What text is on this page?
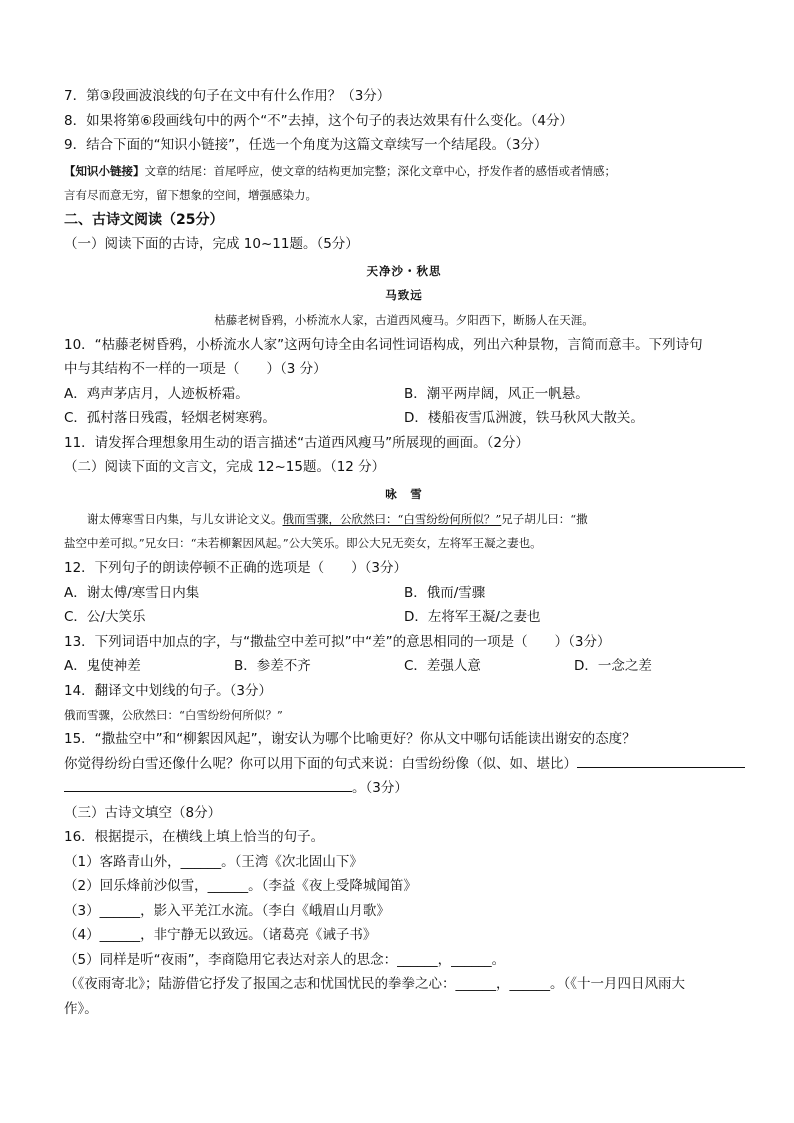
7．第③段画波浪线的句子在文中有什么作用？（3分）
8．如果将第⑥段画线句中的两个“不”去掉，这个句子的表达效果有什么变化。（4分）
9．结合下面的“知识小链接”，任选一个角度为这篇文章续写一个结尾段。（3分）
【知识小链接】文章的结尾：首尾呼应，使文章的结构更加完整；深化文章中心，抒发作者的感悟或者情感；
言有尽而意无穷，留下想象的空间，增强感染力。
二、古诗文阅读（25分）
（一）阅读下面的古诗，完成 10~11题。（5分）
天净沙・秋思
马致远
枯藤老树昏鸦，小桥流水人家，古道西风瘦马。夕阳西下，断肠人在天涯。
10．“枯藤老树昏鸦，小桥流水人家”这两句诗全由名词性词语构成，列出六种景物，言简而意丰。下列诗句
中与其结构不一样的一项是（　　）（3 分）
A．鸡声茅店月，人迹板桥霜。	B．潮平两岸阔，风正一帆悬。
C．孤村落日残霞，轻烟老树寒鸦。	D．楼船夜雪瓜洲渡，铁马秋风大散关。
11．请发挥合理想象用生动的语言描述“古道西风瘦马”所展现的画面。（2分）
（二）阅读下面的文言文，完成 12~15题。（12 分）
咏　雪
谢太傅寒雪日内集，与儿女讲论文义。俄而雪骤，公欣然曰：“白雪纷纷何所似？”兄子胡儿曰：“撒
盐空中差可拟。”兄女曰：“未若柳絮因风起。”公大笑乐。即公大兄无奕女，左将军王凝之妻也。
12．下列句子的朗读停顿不正确的选项是（　　）（3分）
A．谢太傅/寒雪日内集	B．俄而/雪骤
C．公/大笑乐	D．左将军王凝/之妻也
13．下列词语中加点的字，与“撒盐空中差可拟”中“差”的意思相同的一项是（　　）（3分）
A．鬼使神差	B．参差不齐	C．差强人意	D．一念之差
14．翻译文中划线的句子。（3分）
俄而雪骤，公欣然曰：“白雪纷纷何所似？”
15．“撒盐空中”和“柳絮因风起”，谢安认为哪个比喻更好？你从文中哪句话能读出谢安的态度？
你觉得纷纷白雪还像什么呢？你可以用下面的句式来说：白雪纷纷像（似、如、堪比）
。（3分）
（三）古诗文填空（8分）
16．根据提示，在横线上填上恰当的句子。
（1）客路青山外，______。（王湾《次北固山下》
（2）回乐烽前沙似雪，______。（李益《夜上受降城闻笛》
（3）______，影入平羌江水流。（李白《峨眉山月歌》
（4）______，非宁静无以致远。（诸葛亮《诫子书》
（5）同样是听“夜雨”，李商隐用它表达对亲人的思念：______，______。
（《夜雨寄北》；陆游借它抒发了报国之志和忧国忧民的拳拳之心：______，______。（《十一月四日风雨大
作》。
